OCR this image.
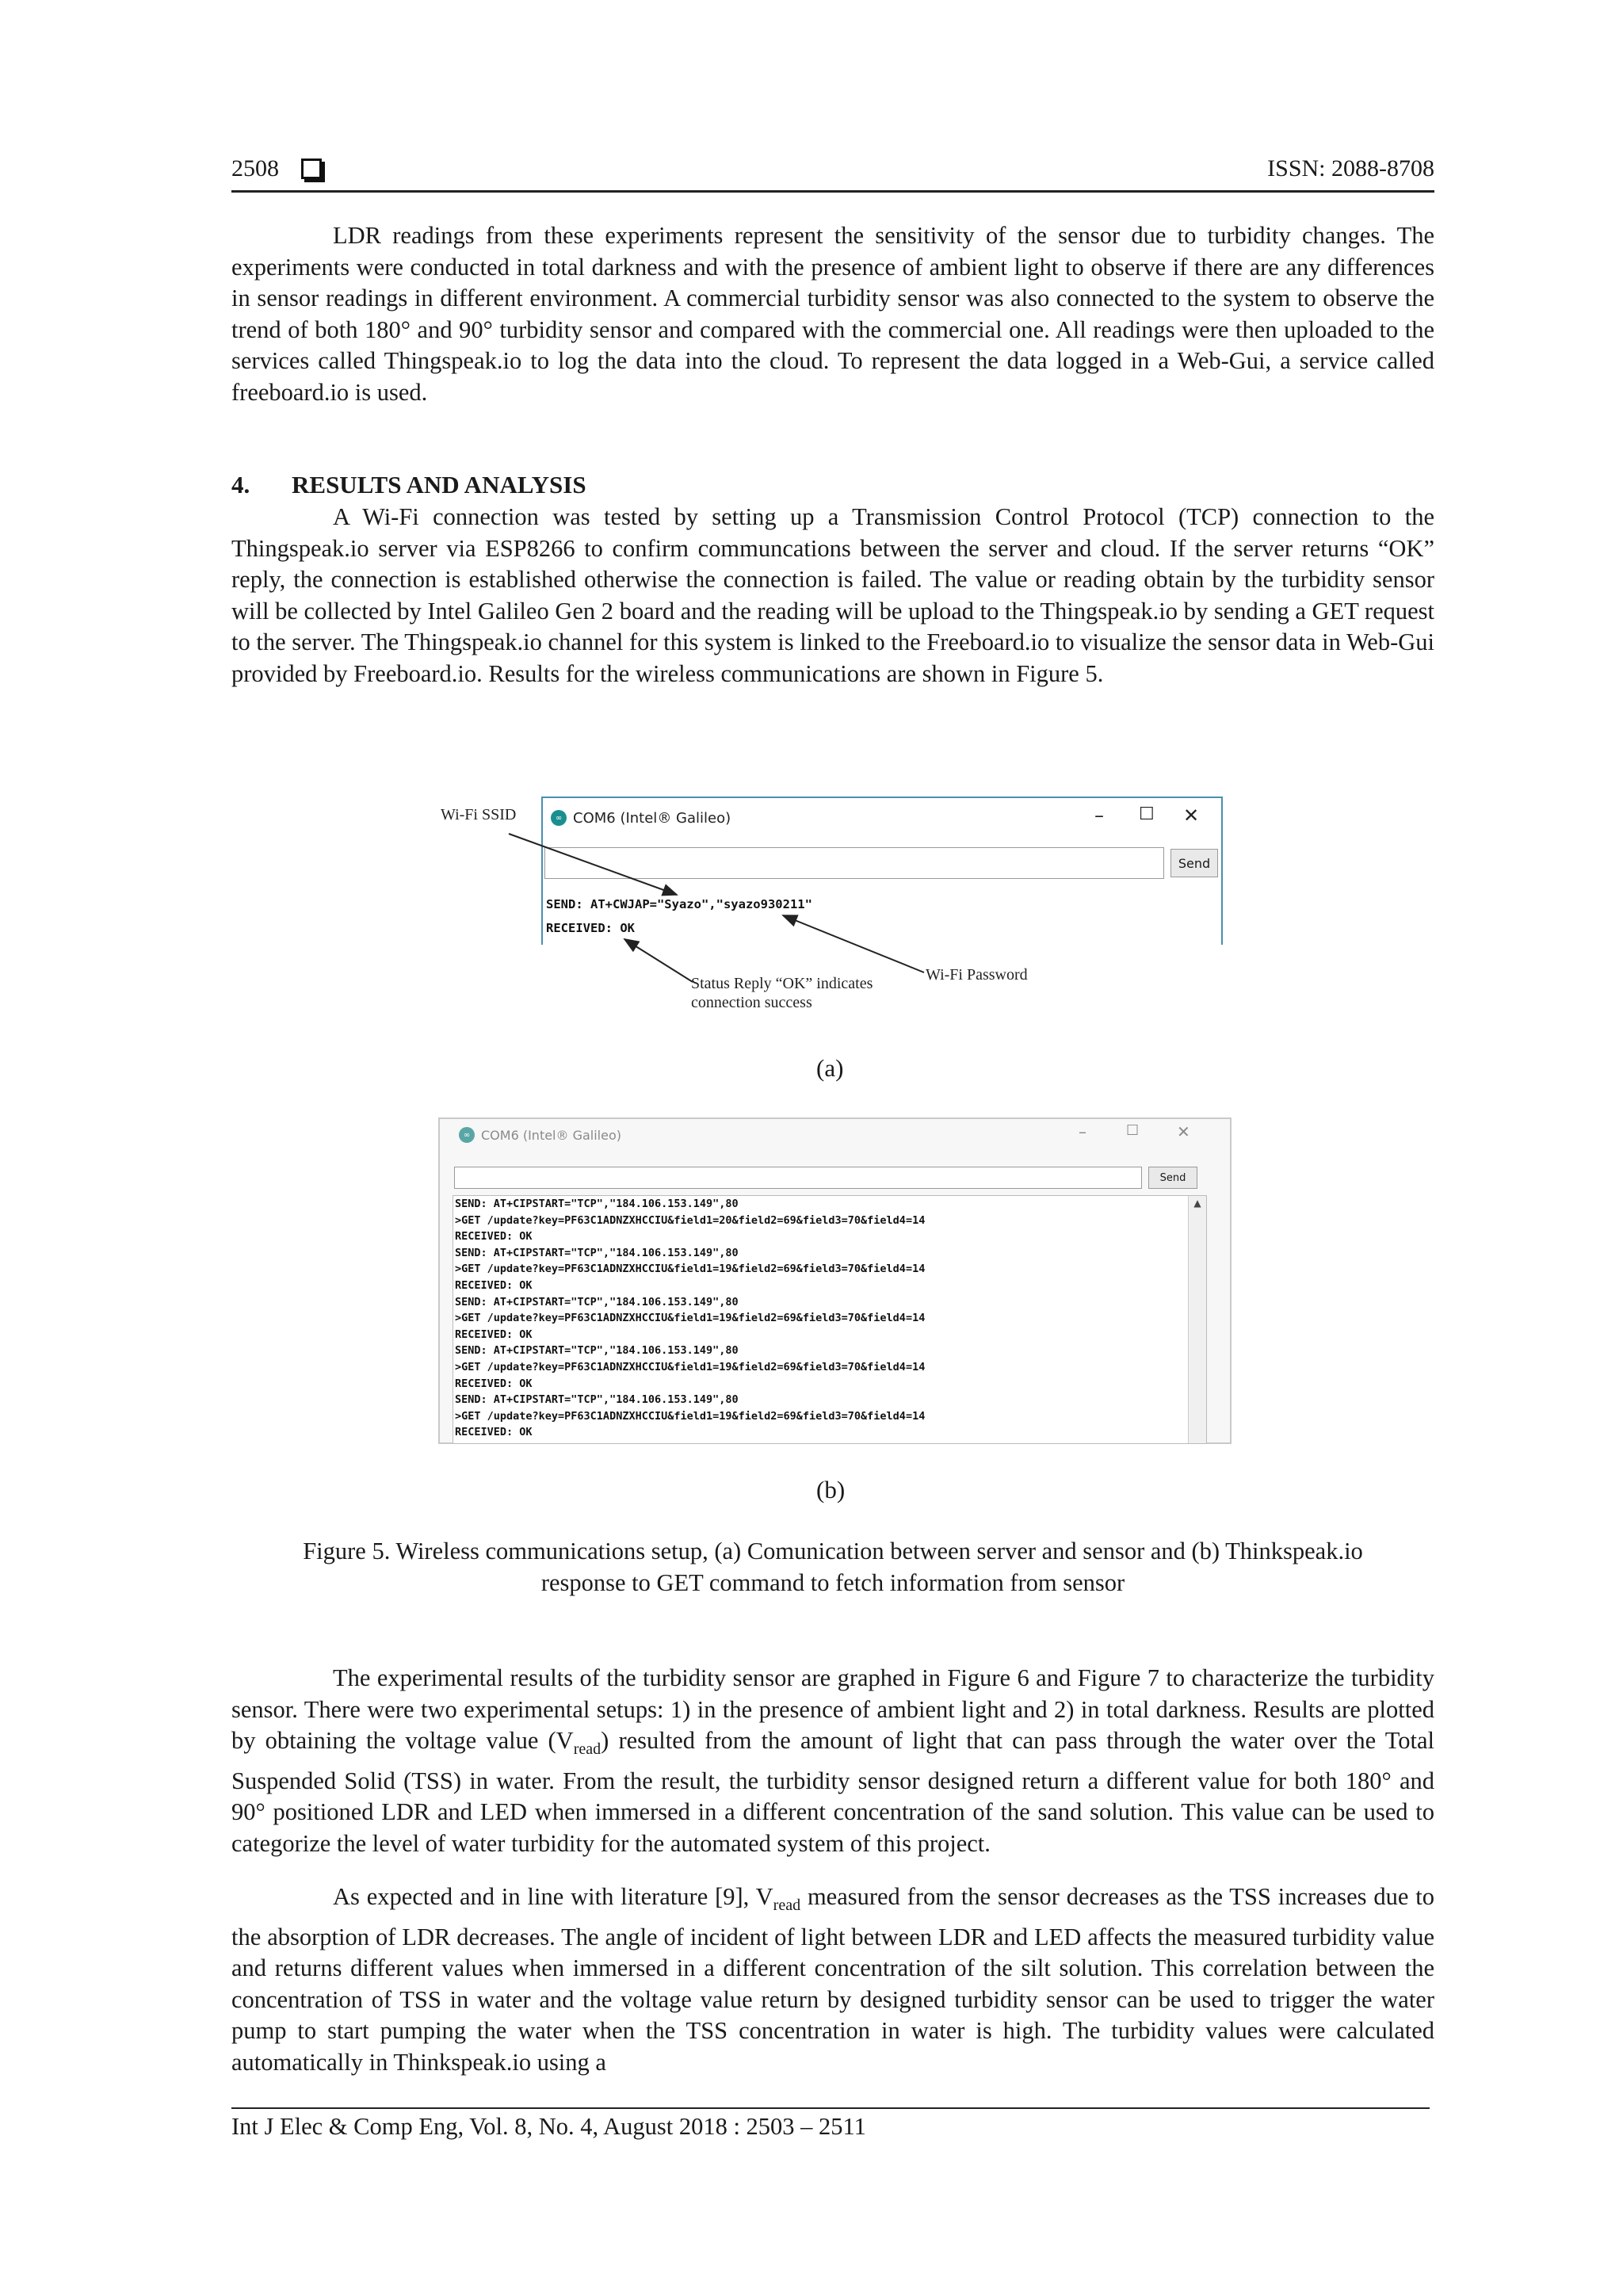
2508	ISSN: 2088-8708

LDR readings from these experiments represent the sensitivity of the sensor due to turbidity changes. The experiments were conducted in total darkness and with the presence of ambient light to observe if there are any differences in sensor readings in different environment. A commercial turbidity sensor was also connected to the system to observe the trend of both 180° and 90° turbidity sensor and compared with the commercial one. All readings were then uploaded to the services called Thingspeak.io to log the data into the cloud. To represent the data logged in a Web-Gui, a service called freeboard.io is used.

4.	RESULTS AND ANALYSIS

A Wi-Fi connection was tested by setting up a Transmission Control Protocol (TCP) connection to the Thingspeak.io server via ESP8266 to confirm communcations between the server and cloud. If the server returns “OK” reply, the connection is established otherwise the connection is failed. The value or reading obtain by the turbidity sensor will be collected by Intel Galileo Gen 2 board and the reading will be upload to the Thingspeak.io by sending a GET request to the server. The Thingspeak.io channel for this system is linked to the Freeboard.io to visualize the sensor data in Web-Gui provided by Freeboard.io. Results for the wireless communications are shown in Figure 5.

Wi-Fi SSID	∞ COM6 (Intel® Galileo)	– ☐ ✕
Send
SEND: AT+CWJAP="Syazo","syazo930211"
RECEIVED: OK
Wi-Fi Password
Status Reply “OK” indicates
connection success
(a)
∞ COM6 (Intel® Galileo)	–	☐ ✕
Send
SEND: AT+CIPSTART="TCP","184.106.153.149",80
>GET /update?key=PF63C1ADNZXHCCIU&field1=20&field2=69&field3=70&field4=14
RECEIVED: OK
SEND: AT+CIPSTART="TCP","184.106.153.149",80
>GET /update?key=PF63C1ADNZXHCCIU&field1=19&field2=69&field3=70&field4=14
RECEIVED: OK
SEND: AT+CIPSTART="TCP","184.106.153.149",80
>GET /update?key=PF63C1ADNZXHCCIU&field1=19&field2=69&field3=70&field4=14
RECEIVED: OK
SEND: AT+CIPSTART="TCP","184.106.153.149",80
>GET /update?key=PF63C1ADNZXHCCIU&field1=19&field2=69&field3=70&field4=14
RECEIVED: OK
SEND: AT+CIPSTART="TCP","184.106.153.149",80
>GET /update?key=PF63C1ADNZXHCCIU&field1=19&field2=69&field3=70&field4=14
RECEIVED: OK
▲
(b)
Figure 5. Wireless communications setup, (a) Comunication between server and sensor and (b) Thinkspeak.io
response to GET command to fetch information from sensor

The experimental results of the turbidity sensor are graphed in Figure 6 and Figure 7 to characterize the turbidity sensor. There were two experimental setups: 1) in the presence of ambient light and 2) in total darkness. Results are plotted by obtaining the voltage value $(V_{read})$ resulted from the amount of light that can pass through the water over the Total Suspended Solid (TSS) in water. From the result, the turbidity sensor designed return a different value for both 180° and 90° positioned LDR and LED when immersed in a different concentration of the sand solution. This value can be used to categorize the level of water turbidity for the automated system of this project.

As expected and in line with literature [9], $V_{read}$ measured from the sensor decreases as the TSS increases due to the absorption of LDR decreases. The angle of incident of light between LDR and LED affects the measured turbidity value and returns different values when immersed in a different concentration of the silt solution. This correlation between the concentration of TSS in water and the voltage value return by designed turbidity sensor can be used to trigger the water pump to start pumping the water when the TSS concentration in water is high. The turbidity values were calculated automatically in Thinkspeak.io using a

Int J Elec & Comp Eng, Vol. 8, No. 4, August 2018 : 2503 – 2511
